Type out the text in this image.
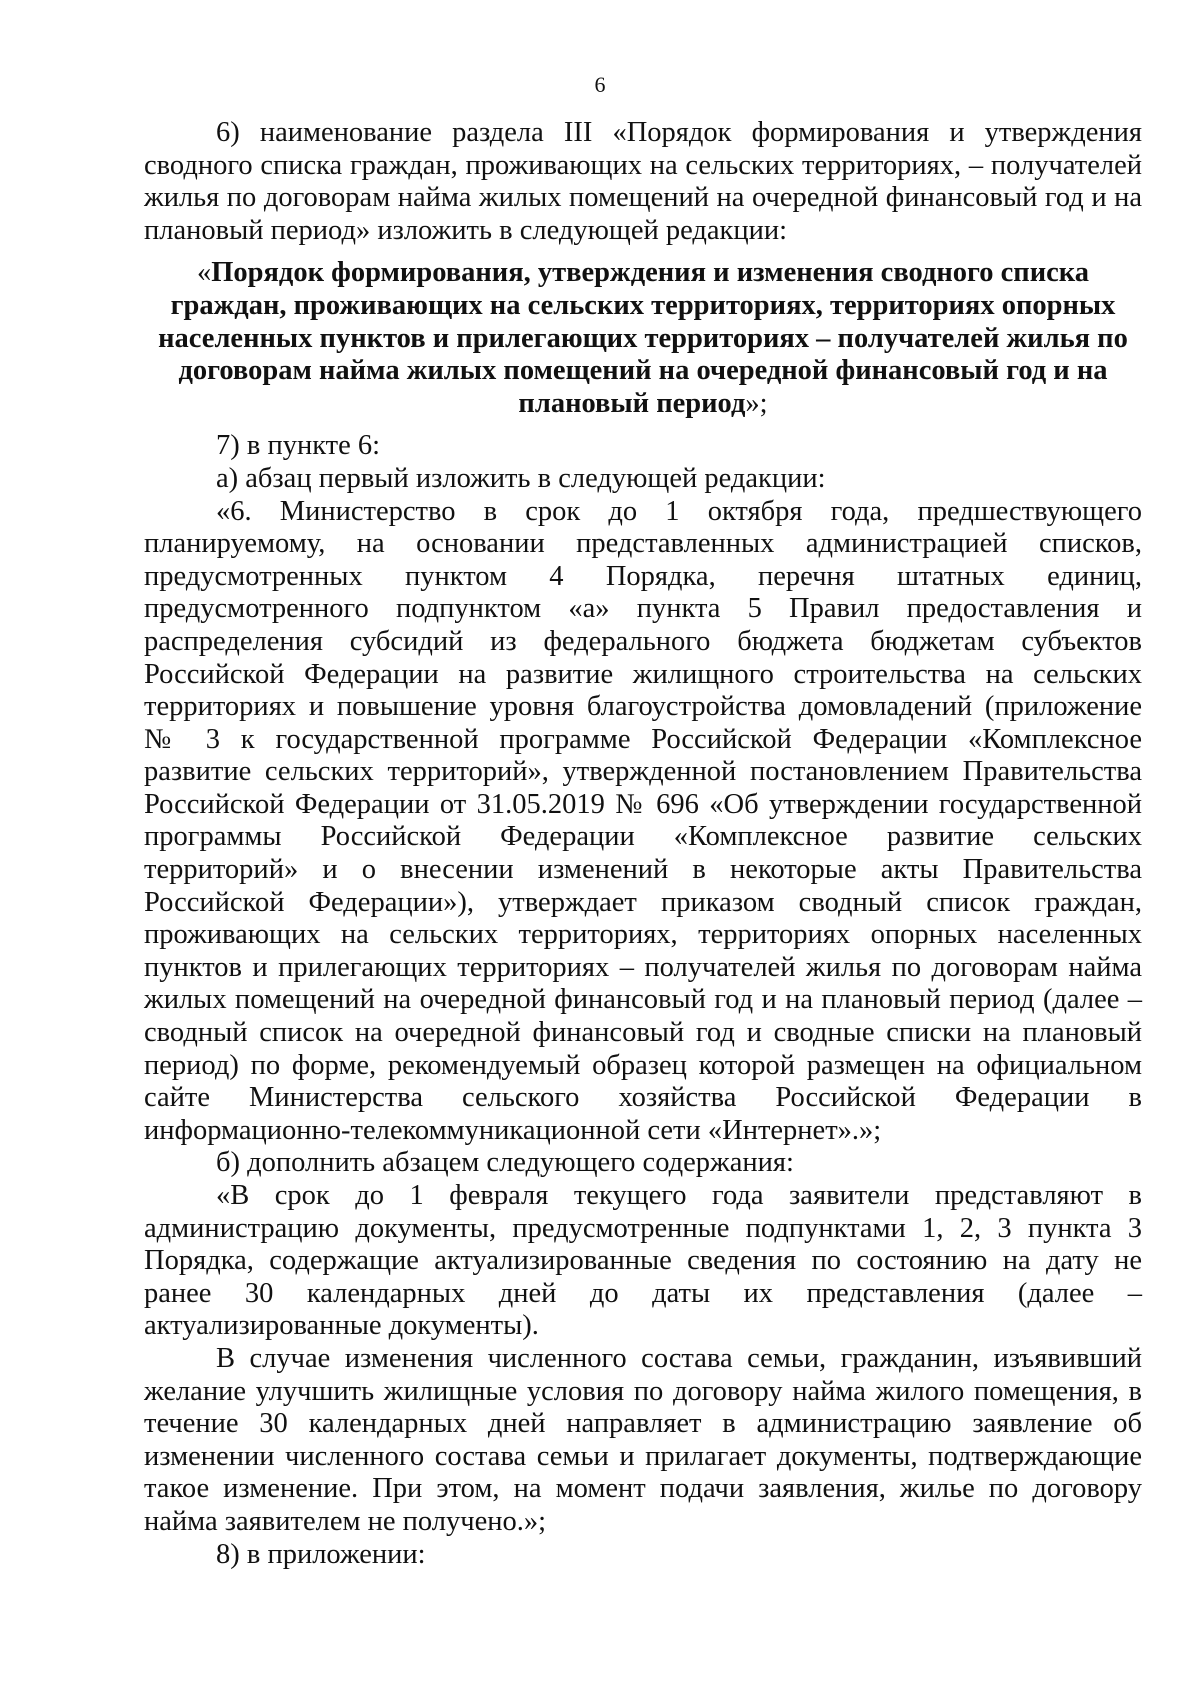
6

6) наименование раздела III «Порядок формирования и утверждения сводного списка граждан, проживающих на сельских территориях, – получателей жилья по договорам найма жилых помещений на очередной финансовый год и на плановый период» изложить в следующей редакции:

«Порядок формирования, утверждения и изменения сводного списка граждан, проживающих на сельских территориях, территориях опорных населенных пунктов и прилегающих территориях – получателей жилья по договорам найма жилых помещений на очередной финансовый год и на плановый период»;

7) в пункте 6:

а) абзац первый изложить в следующей редакции:

«6. Министерство в срок до 1 октября года, предшествующего планируемому, на основании представленных администрацией списков, предусмотренных пунктом 4 Порядка, перечня штатных единиц, предусмотренного подпунктом «а» пункта 5 Правил предоставления и распределения субсидий из федерального бюджета бюджетам субъектов Российской Федерации на развитие жилищного строительства на сельских территориях и повышение уровня благоустройства домовладений (приложение № 3 к государственной программе Российской Федерации «Комплексное развитие сельских территорий», утвержденной постановлением Правительства Российской Федерации от 31.05.2019 № 696 «Об утверждении государственной программы Российской Федерации «Комплексное развитие сельских территорий» и о внесении изменений в некоторые акты Правительства Российской Федерации»), утверждает приказом сводный список граждан, проживающих на сельских территориях, территориях опорных населенных пунктов и прилегающих территориях – получателей жилья по договорам найма жилых помещений на очередной финансовый год и на плановый период (далее – сводный список на очередной финансовый год и сводные списки на плановый период) по форме, рекомендуемый образец которой размещен на официальном сайте Министерства сельского хозяйства Российской Федерации в информационно-телекоммуникационной сети «Интернет».»;

б) дополнить абзацем следующего содержания:

«В срок до 1 февраля текущего года заявители представляют в администрацию документы, предусмотренные подпунктами 1, 2, 3 пункта 3 Порядка, содержащие актуализированные сведения по состоянию на дату не ранее 30 календарных дней до даты их представления (далее – актуализированные документы).

В случае изменения численного состава семьи, гражданин, изъявивший желание улучшить жилищные условия по договору найма жилого помещения, в течение 30 календарных дней направляет в администрацию заявление об изменении численного состава семьи и прилагает документы, подтверждающие такое изменение. При этом, на момент подачи заявления, жилье по договору найма заявителем не получено.»;

8) в приложении:
